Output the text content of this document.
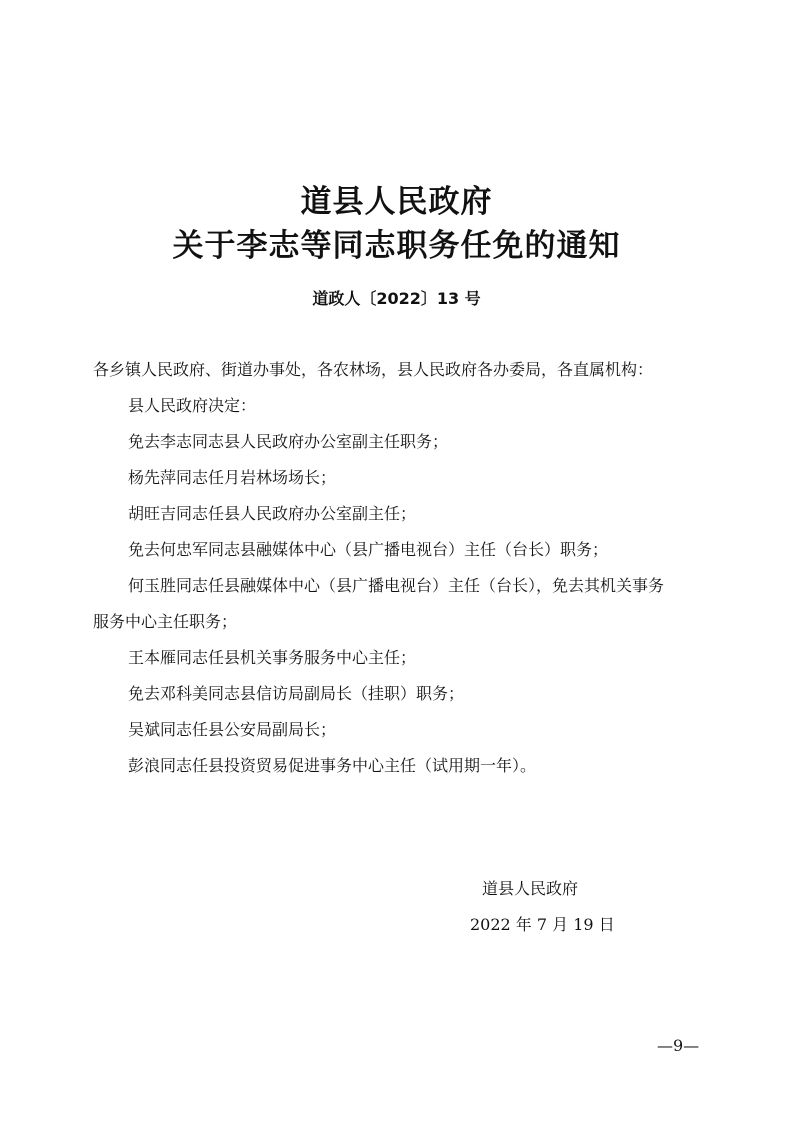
道县人民政府
关于李志等同志职务任免的通知
道政人〔2022〕13 号
各乡镇人民政府、街道办事处，各农林场，县人民政府各办委局，各直属机构：
县人民政府决定：
免去李志同志县人民政府办公室副主任职务；
杨先萍同志任月岩林场场长；
胡旺吉同志任县人民政府办公室副主任；
免去何忠军同志县融媒体中心（县广播电视台）主任（台长）职务；
何玉胜同志任县融媒体中心（县广播电视台）主任（台长），免去其机关事务
服务中心主任职务；
王本雁同志任县机关事务服务中心主任；
免去邓科美同志县信访局副局长（挂职）职务；
吴斌同志任县公安局副局长；
彭浪同志任县投资贸易促进事务中心主任（试用期一年）。
道县人民政府
2022 年 7 月 19 日
—9—
